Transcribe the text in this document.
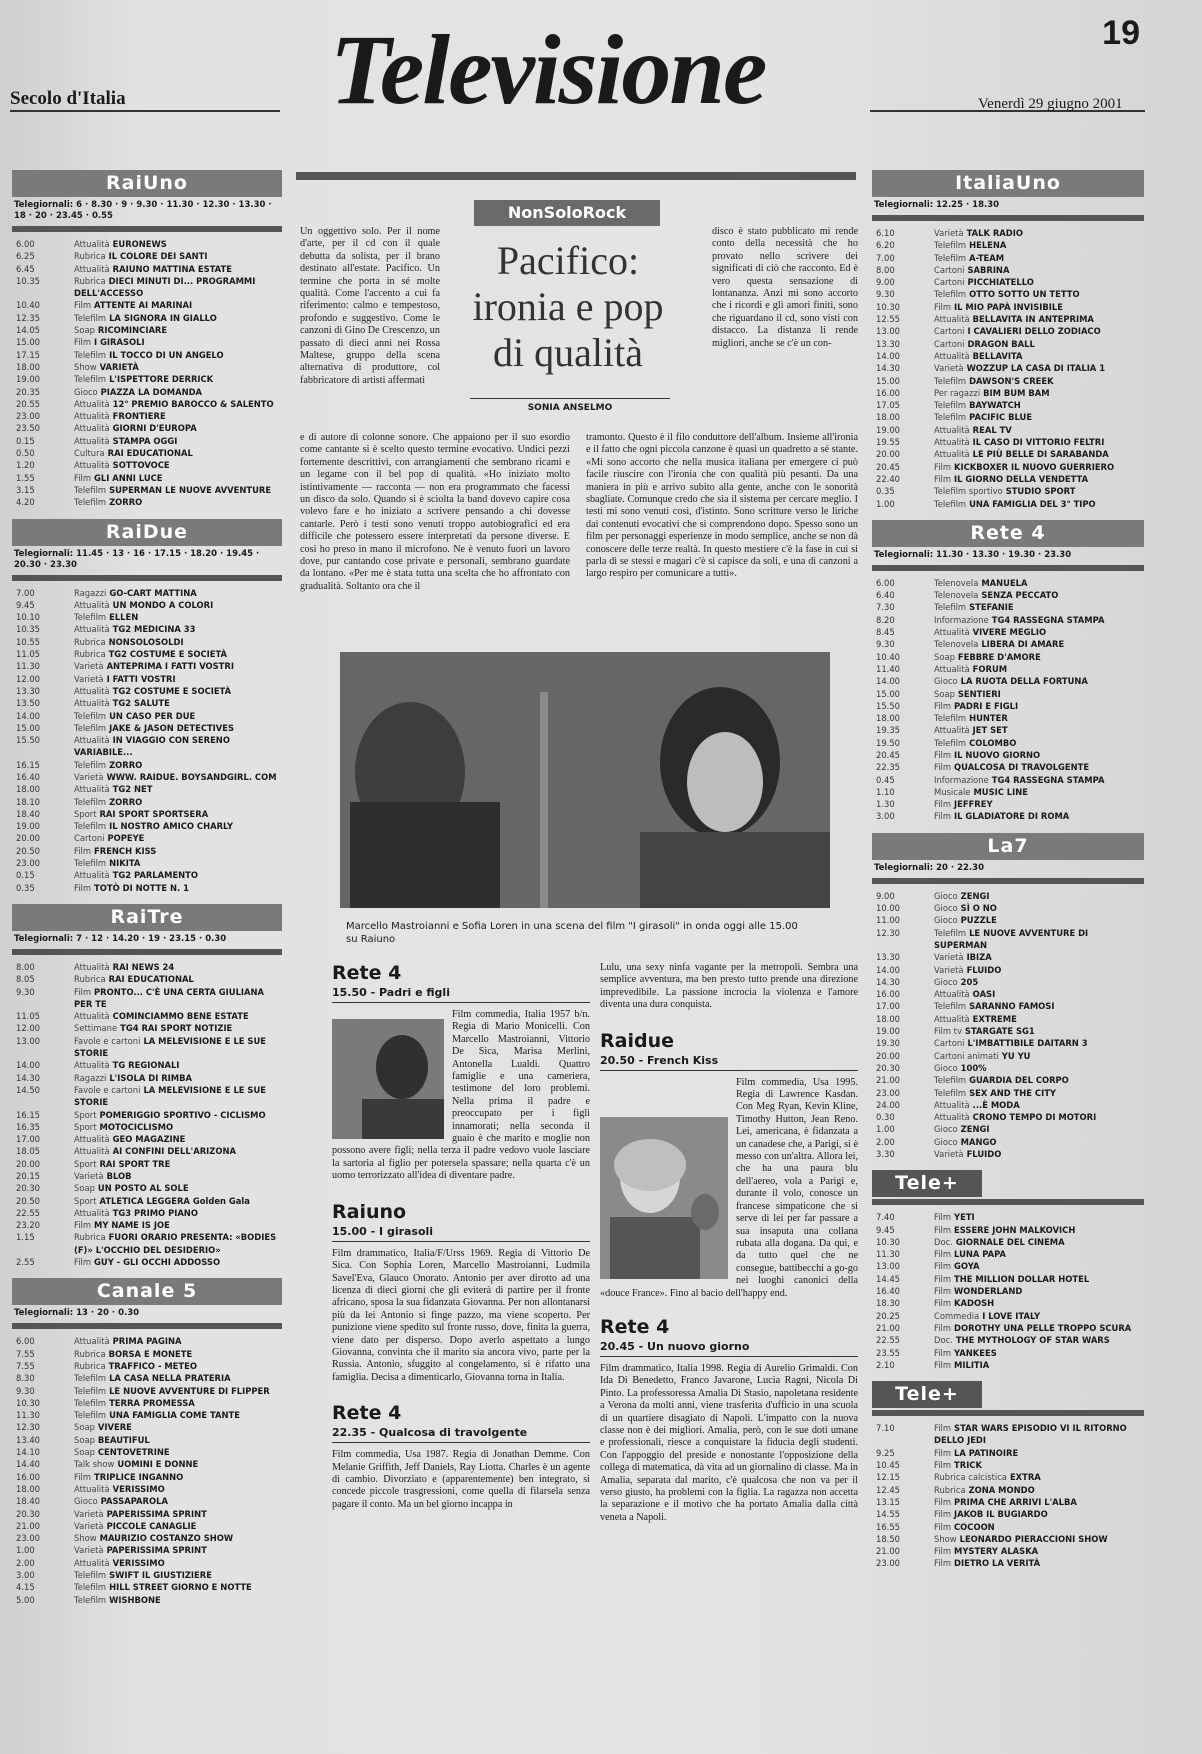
19
Secolo d'Italia Televisione	Venerdì 29 giugno 2001
RaiUno
Telegiornali: 6 · 8.30 · 9 · 9.30 · 11.30 · 12.30 · 13.30 · 18 · 20 · 23.45 · 0.55
6.00	Attualità EURONEWS
6.25	Rubrica IL COLORE DEI SANTI
6.45	Attualità RAIUNO MATTINA ESTATE
10.35	Rubrica DIECI MINUTI DI... PROGRAMMI DELL'ACCESSO
10.40	Film ATTENTE AI MARINAI
12.35	Telefilm LA SIGNORA IN GIALLO
14.05	Soap RICOMINCIARE
15.00	Film I GIRASOLI
17.15	Telefilm IL TOCCO DI UN ANGELO
18.00	Show VARIETÀ
19.00	Telefilm L'ISPETTORE DERRICK
20.35	Gioco PIAZZA LA DOMANDA
20.55	Attualità 12° PREMIO BAROCCO & SALENTO
23.00	Attualità FRONTIERE
23.50	Attualità GIORNI D'EUROPA
0.15	Attualità STAMPA OGGI
0.50	Cultura RAI EDUCATIONAL
1.20	Attualità SOTTOVOCE
1.55	Film GLI ANNI LUCE
3.15	Telefilm SUPERMAN LE NUOVE AVVENTURE
4.20	Telefilm ZORRO
RaiDue
Telegiornali: 11.45 · 13 · 16 · 17.15 · 18.20 · 19.45 · 20.30 · 23.30
7.00	Ragazzi GO-CART MATTINA
9.45	Attualità UN MONDO A COLORI
10.10	Telefilm ELLEN
10.35	Attualità TG2 MEDICINA 33
10.55	Rubrica NONSOLOSOLDI
11.05	Rubrica TG2 COSTUME E SOCIETÀ
11.30	Varietà ANTEPRIMA I FATTI VOSTRI
12.00	Varietà I FATTI VOSTRI
13.30	Attualità TG2 COSTUME E SOCIETÀ
13.50	Attualità TG2 SALUTE
14.00	Telefilm UN CASO PER DUE
15.00	Telefilm JAKE & JASON DETECTIVES
15.50	Attualità IN VIAGGIO CON SERENO VARIABILE...
16.15	Telefilm ZORRO
16.40	Varietà WWW. RAIDUE. BOYSANDGIRL. COM
18.00	Attualità TG2 NET
18.10	Telefilm ZORRO
18.40	Sport RAI SPORT SPORTSERA
19.00	Telefilm IL NOSTRO AMICO CHARLY
20.00	Cartoni POPEYE
20.50	Film FRENCH KISS
23.00	Telefilm NIKITA
0.15	Attualità TG2 PARLAMENTO
0.35	Film TOTÒ DI NOTTE N. 1
RaiTre
Telegiornali: 7 · 12 · 14.20 · 19 · 23.15 · 0.30
8.00	Attualità RAI NEWS 24
8.05	Rubrica RAI EDUCATIONAL
9.30	Film PRONTO... C'È UNA CERTA GIULIANA PER TE
11.05	Attualità COMINCIAMMO BENE ESTATE
12.00	Settimane TG4 RAI SPORT NOTIZIE
13.00	Favole e cartoni LA MELEVISIONE E LE SUE STORIE
14.00	Attualità TG REGIONALI
14.30	Ragazzi L'ISOLA DI RIMBA
14.50	Favole e cartoni LA MELEVISIONE E LE SUE STORIE
16.15	Sport POMERIGGIO SPORTIVO - CICLISMO
16.35	Sport MOTOCICLISMO
17.00	Attualità GEO MAGAZINE
18.05	Attualità AI CONFINI DELL'ARIZONA
20.00	Sport RAI SPORT TRE
20.15	Varietà BLOB
20.30	Soap UN POSTO AL SOLE
20.50	Sport ATLETICA LEGGERA Golden Gala
22.55	Attualità TG3 PRIMO PIANO
23.20	Film MY NAME IS JOE
1.15	Rubrica FUORI ORARIO PRESENTA: «BODIES (F)» L'OCCHIO DEL DESIDERIO»
2.55	Film GUY - GLI OCCHI ADDOSSO
Canale 5
Telegiornali: 13 · 20 · 0.30
6.00	Attualità PRIMA PAGINA
7.55	Rubrica BORSA E MONETE
7.55	Rubrica TRAFFICO - METEO
8.30	Telefilm LA CASA NELLA PRATERIA
9.30	Telefilm LE NUOVE AVVENTURE DI FLIPPER
10.30	Telefilm TERRA PROMESSA
11.30	Telefilm UNA FAMIGLIA COME TANTE
12.30	Soap VIVERE
13.40	Soap BEAUTIFUL
14.10	Soap CENTOVETRINE
14.40	Talk show UOMINI E DONNE
16.00	Film TRIPLICE INGANNO
18.00	Attualità VERISSIMO
18.40	Gioco PASSAPAROLA
20.30	Varietà PAPERISSIMA SPRINT
21.00	Varietà PICCOLE CANAGLIE
23.00	Show MAURIZIO COSTANZO SHOW
1.00	Varietà PAPERISSIMA SPRINT
2.00	Attualità VERISSIMO
3.00	Telefilm SWIFT IL GIUSTIZIERE
4.15	Telefilm HILL STREET GIORNO E NOTTE
5.00	Telefilm WISHBONE
ItaliaUno
Telegiornali: 12.25 · 18.30
6.10	Varietà TALK RADIO
6.20	Telefilm HELENA
7.00	Telefilm A-TEAM
8.00	Cartoni SABRINA
9.00	Cartoni PICCHIATELLO
9.30	Telefilm OTTO SOTTO UN TETTO
10.30	Film IL MIO PAPÀ INVISIBILE
12.55	Attualità BELLAVITA IN ANTEPRIMA
13.00	Cartoni I CAVALIERI DELLO ZODIACO
13.30	Cartoni DRAGON BALL
14.00	Attualità BELLAVITA
14.30	Varietà WOZZUP LA CASA DI ITALIA 1
15.00	Telefilm DAWSON'S CREEK
16.00	Per ragazzi BIM BUM BAM
17.05	Telefilm BAYWATCH
18.00	Telefilm PACIFIC BLUE
19.00	Attualità REAL TV
19.55	Attualità IL CASO DI VITTORIO FELTRI
20.00	Attualità LE PIÙ BELLE DI SARABANDA
20.45	Film KICKBOXER IL NUOVO GUERRIERO
22.40	Film IL GIORNO DELLA VENDETTA
0.35	Telefilm sportivo STUDIO SPORT
1.00	Telefilm UNA FAMIGLIA DEL 3° TIPO
Rete 4
Telegiornali: 11.30 · 13.30 · 19.30 · 23.30
6.00	Telenovela MANUELA
6.40	Telenovela SENZA PECCATO
7.30	Telefilm STEFANIE
8.20	Informazione TG4 RASSEGNA STAMPA
8.45	Attualità VIVERE MEGLIO
9.30	Telenovela LIBERA DI AMARE
10.40	Soap FEBBRE D'AMORE
11.40	Attualità FORUM
14.00	Gioco LA RUOTA DELLA FORTUNA
15.00	Soap SENTIERI
15.50	Film PADRI E FIGLI
18.00	Telefilm HUNTER
19.35	Attualità JET SET
19.50	Telefilm COLOMBO
20.45	Film IL NUOVO GIORNO
22.35	Film QUALCOSA DI TRAVOLGENTE
0.45	Informazione TG4 RASSEGNA STAMPA
1.10	Musicale MUSIC LINE
1.30	Film JEFFREY
3.00	Film IL GLADIATORE DI ROMA
La7
Telegiornali: 20 · 22.30
9.00	Gioco ZENGI
10.00	Gioco SÌ O NO
11.00	Gioco PUZZLE
12.30	Telefilm LE NUOVE AVVENTURE DI SUPERMAN
13.30	Varietà IBIZA
14.00	Varietà FLUIDO
14.30	Gioco 205
16.00	Attualità OASI
17.00	Telefilm SARANNO FAMOSI
18.00	Attualità EXTREME
19.00	Film tv STARGATE SG1
19.30	Cartoni L'IMBATTIBILE DAITARN 3
20.00	Cartoni animati YU YU
20.30	Gioco 100%
21.00	Telefilm GUARDIA DEL CORPO
23.00	Telefilm SEX AND THE CITY
24.00	Attualità ...È MODA
0.30	Attualità CRONO TEMPO DI MOTORI
1.00	Gioco ZENGI
2.00	Gioco MANGO
3.30	Varietà FLUIDO
Tele+
7.40	Film YETI
9.45	Film ESSERE JOHN MALKOVICH
10.30	Doc. GIORNALE DEL CINEMA
11.30	Film LUNA PAPA
13.00	Film GOYA
14.45	Film THE MILLION DOLLAR HOTEL
16.40	Film WONDERLAND
18.30	Film KADOSH
20.25	Commedia I LOVE ITALY
21.00	Film DOROTHY UNA PELLE TROPPO SCURA
22.55	Doc. THE MYTHOLOGY OF STAR WARS
23.55	Film YANKEES
2.10	Film MILITIA
Tele+
7.10	Film STAR WARS EPISODIO VI IL RITORNO DELLO JEDI
9.25	Film LA PATINOIRE
10.45	Film TRICK
12.15	Rubrica calcistica EXTRA
12.45	Rubrica ZONA MONDO
13.15	Film PRIMA CHE ARRIVI L'ALBA
14.55	Film JAKOB IL BUGIARDO
16.55	Film COCOON
18.50	Show LEONARDO PIERACCIONI SHOW
21.00	Film MYSTERY ALASKA
23.00	Film DIETRO LA VERITÀ
NonSoloRock
Un oggettivo solo. Per il nome d'arte, per il cd con il quale debutta da solista, per il brano destinato all'estate. Pacifico. Un termine che porta in sé molte qualità. Come l'accento a cui fa riferimento: calmo e tempestoso, profondo e suggestivo. Come le canzoni di Gino De Crescenzo, un passato di dieci anni nei Rossa Maltese, gruppo della scena alternativa di produttore, col fabbricatore di artisti affermati
Pacifico: ironia e pop di qualità
SONIA ANSELMO
disco è stato pubblicato mi rende conto della necessità che ho provato nello scrivere dei significati di ciò che racconto. Ed è vero questa sensazione di lontananza. Anzi mi sono accorto che i ricordi e gli amori finiti, sono che riguardano il cd, sono visti con distacco. La distanza li rende migliori, anche se c'è un con-
e di autore di colonne sonore. Che appaiono per il suo esordio come cantante si è scelto questo termine evocativo. Undici pezzi fortemente descrittivi, con arrangiamenti che sembrano ricami e un legame con il bel pop di qualità. «Ho iniziato molto istintivamente — racconta — non era programmato che facessi un disco da solo. Quando si è sciolta la band dovevo capire cosa volevo fare e ho iniziato a scrivere pensando a chi dovesse cantarle. Però i testi sono venuti troppo autobiografici ed era difficile che potessero essere interpretati da persone diverse. E così ho preso in mano il microfono. Ne è venuto fuori un lavoro dove, pur cantando cose private e personali, sembrano guardate da lontano. «Per me è stata tutta una scelta che ho affrontato con gradualità. Soltanto ora che il
tramonto. Questo è il filo conduttore dell'album. Insieme all'ironia e il fatto che ogni piccola canzone è quasi un quadretto a sé stante. «Mi sono accorto che nella musica italiana per emergere ci può facile riuscire con l'ironia che con qualità più pesanti. Da una maniera in più e arrivo subito alla gente, anche con le sonorità sbagliate. Comunque credo che sia il sistema per cercare meglio. I testi mi sono venuti così, d'istinto. Sono scritture verso le liriche dai contenuti evocativi che si comprendono dopo. Spesso sono un film per personaggi esperienze in modo semplice, anche se non dà conoscere delle terze realtà. In questo mestiere c'è la fase in cui si parla di se stessi e magari c'è si capisce da soli, e una di canzoni a largo respiro per comunicare a tutti».
Marcello Mastroianni e Sofia Loren in una scena del film "I girasoli" in onda oggi alle 15.00 su Raiuno
Rete 4
15.50 - Padri e figli
Film commedia, Italia 1957 b/n. Regia di Mario Monicelli. Con Marcello Mastroianni, Vittorio De Sica, Marisa Merlini, Antonella Lualdi. Quattro famiglie e una cameriera, testimone del loro problemi. Nella prima il padre e preoccupato per i figli innamorati; nella seconda il guaio è che marito e moglie non possono avere figli; nella terza il padre vedovo vuole lasciare la sartoria al figlio per potersela spassare; nella quarta c'è un uomo terrorizzato all'idea di diventare padre.
Raiuno
15.00 - I girasoli
Film drammatico, Italia/F/Urss 1969. Regia di Vittorio De Sica. Con Sophia Loren, Marcello Mastroianni, Ludmila Savel'Eva, Glauco Onorato. Antonio per aver dirotto ad una licenza di dieci giorni che gli eviterà di partire per il fronte africano, sposa la sua fidanzata Giovanna. Per non allontanarsi più da lei Antonio si finge pazzo, ma viene scoperto. Per punizione viene spedito sul fronte russo, dove, finita la guerra, viene dato per disperso. Dopo averlo aspettato a lungo Giovanna, convinta che il marito sia ancora vivo, parte per la Russia. Antonio, sfuggito al congelamento, si è rifatto una famiglia. Decisa a dimenticarlo, Giovanna torna in Italia.
Rete 4
22.35 - Qualcosa di travolgente
Film commedia, Usa 1987. Regia di Jonathan Demme. Con Melanie Griffith, Jeff Daniels, Ray Liotta. Charles è un agente di cambio. Divorziato e (apparentemente) ben integrato, si concede piccole trasgressioni, come quella di filarsela senza pagare il conto. Ma un bel giorno incappa in
Lulu, una sexy ninfa vagante per la metropoli. Sembra una semplice avventura, ma ben presto tutto prende una direzione imprevedibile. La passione incrocia la violenza e l'amore diventa una dura conquista.
Raidue
20.50 - French Kiss
Film commedia, Usa 1995. Regia di Lawrence Kasdan. Con Meg Ryan, Kevin Kline, Timothy Hutton, Jean Reno. Lei, americana, è fidanzata a un canadese che, a Parigi, si è messo con un'altra. Allora lei, che ha una paura blu dell'aereo, vola a Parigi e, durante il volo, conosce un francese simpaticone che si serve di lei per far passare a sua insaputa una collana rubata alla dogana. Da qui, e da tutto quel che ne consegue, battibecchi a go-go nei luoghi canonici della «douce France». Fino al bacio dell'happy end.
Rete 4
20.45 - Un nuovo giorno
Film drammatico, Italia 1998. Regia di Aurelio Grimaldi. Con Ida Di Benedetto, Franco Javarone, Lucia Ragni, Nicola Di Pinto. La professoressa Amalia Di Stasio, napoletana residente a Verona da molti anni, viene trasferita d'ufficio in una scuola di un quartiere disagiato di Napoli. L'impatto con la nuova classe non è dei migliori. Amalia, però, con le sue doti umane e professionali, riesce a conquistare la fiducia degli studenti. Con l'appoggio del preside e nonostante l'opposizione della collega di matematica, dà vita ad un giornalino di classe. Ma in Amalia, separata dal marito, c'è qualcosa che non va per il verso giusto, ha problemi con la figlia. La ragazza non accetta la separazione e il motivo che ha portato Amalia dalla città veneta a Napoli.
